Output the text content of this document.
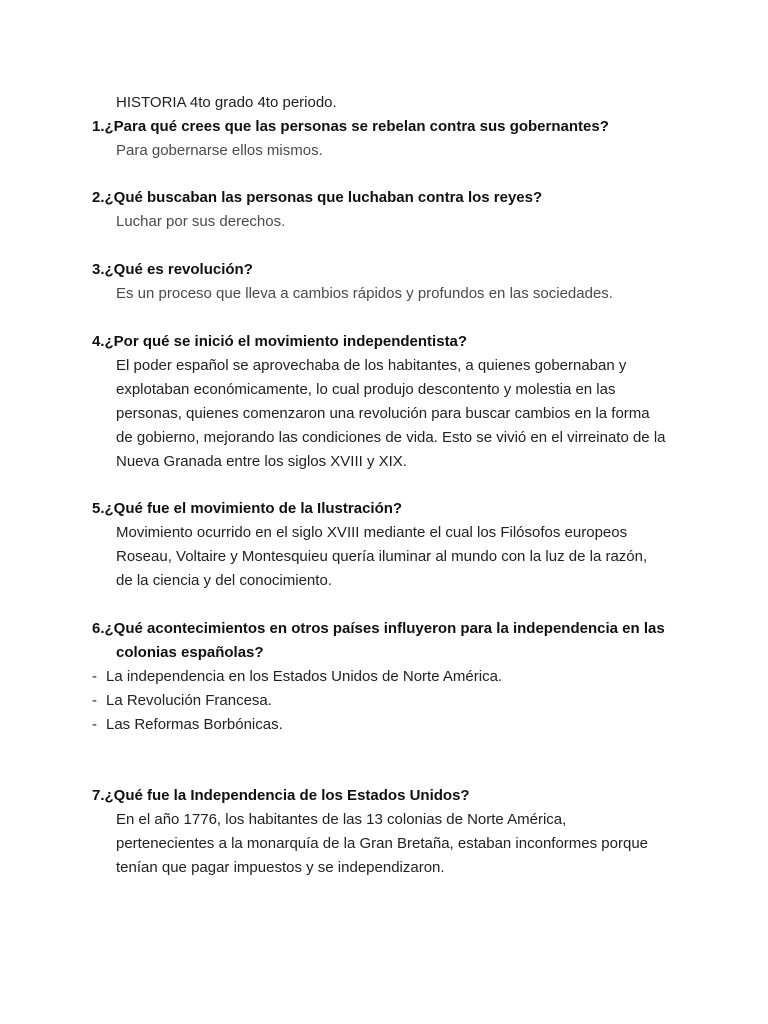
HISTORIA 4to grado 4to periodo.
1.¿Para qué crees que las personas se rebelan contra sus gobernantes?
Para gobernarse ellos mismos.
2.¿Qué buscaban las personas que luchaban contra los reyes?
Luchar por sus derechos.
3.¿Qué es revolución?
Es un proceso que lleva a cambios rápidos y profundos en las sociedades.
4.¿Por qué se inició el movimiento independentista?
El poder español se aprovechaba de los habitantes, a quienes gobernaban y
explotaban económicamente, lo cual produjo descontento y molestia en las
personas, quienes comenzaron una revolución para buscar cambios en la forma
de gobierno, mejorando las condiciones de vida. Esto se vivió en el virreinato de la
Nueva Granada entre los siglos XVIII y XIX.
5.¿Qué fue el movimiento de la Ilustración?
Movimiento ocurrido en el siglo XVIII mediante el cual los Filósofos europeos
Roseau, Voltaire y Montesquieu quería iluminar al mundo con la luz de la razón,
de la ciencia y del conocimiento.
6.¿Qué acontecimientos en otros países influyeron para la independencia en las
colonias españolas?
- La independencia en los Estados Unidos de Norte América.
- La Revolución Francesa.
- Las Reformas Borbónicas.
7.¿Qué fue la Independencia de los Estados Unidos?
En el año 1776, los habitantes de las 13 colonias de Norte América,
pertenecientes a la monarquía de la Gran Bretaña, estaban inconformes porque
tenían que pagar impuestos y se independizaron.
